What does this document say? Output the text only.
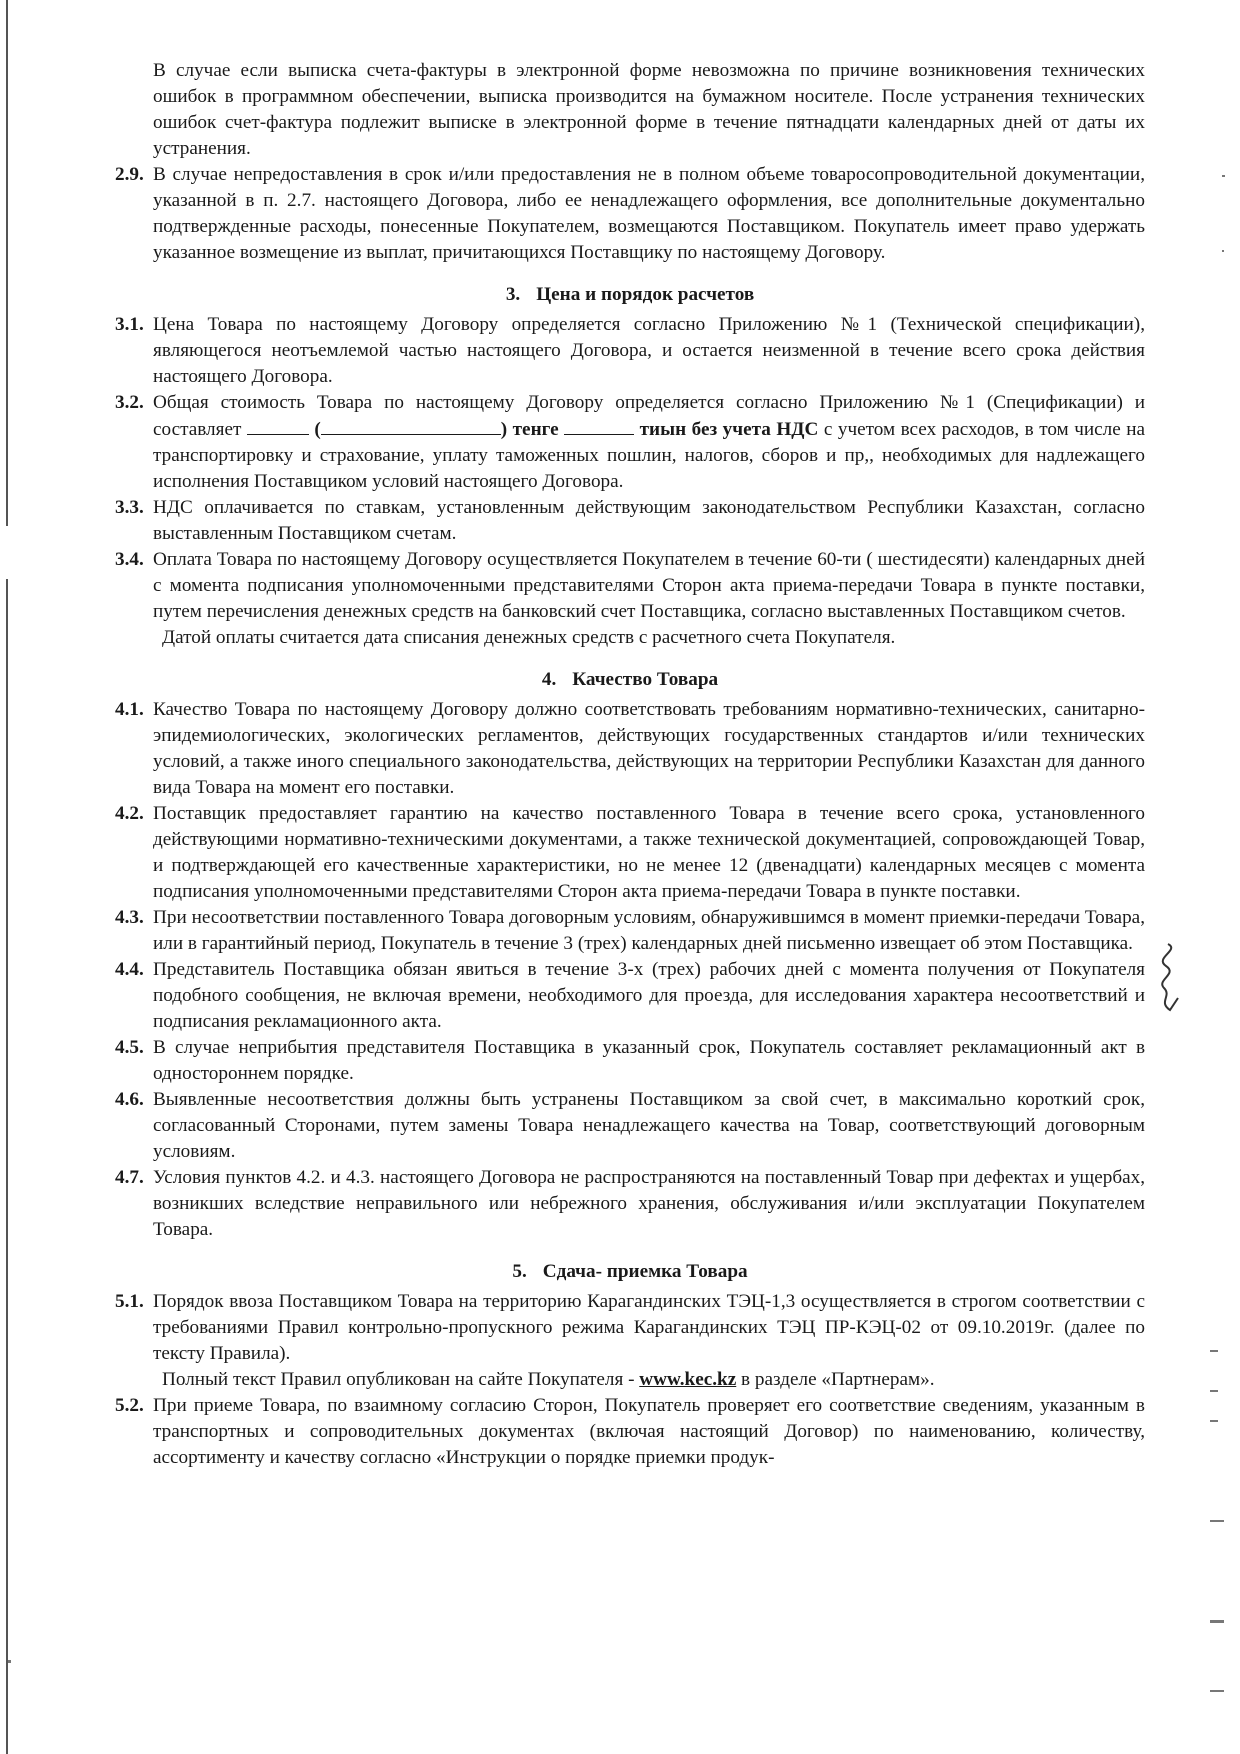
В случае если выписка счета-фактуры в электронной форме невозможна по причине возникновения технических ошибок в программном обеспечении, выписка производится на бумажном носителе. После устранения технических ошибок счет-фактура подлежит выписке в электронной форме в течение пятнадцати календарных дней от даты их устранения.

2.9. В случае непредоставления в срок и/или предоставления не в полном объеме товаросопроводительной документации, указанной в п. 2.7. настоящего Договора, либо ее ненадлежащего оформления, все дополнительные документально подтвержденные расходы, понесенные Покупателем, возмещаются Поставщиком. Покупатель имеет право удержать указанное возмещение из выплат, причитающихся Поставщику по настоящему Договору.
3. Цена и порядок расчетов
3.1. Цена Товара по настоящему Договору определяется согласно Приложению №1 (Технической спецификации), являющегося неотъемлемой частью настоящего Договора, и остается неизменной в течение всего срока действия настоящего Договора.
3.2. Общая стоимость Товара по настоящему Договору определяется согласно Приложению №1 (Спецификации) и составляет	(	) тенге	тиын без учета НДС с учетом всех расходов, в том числе на транспортировку и страхование, уплату таможенных пошлин, налогов, сборов и пр,, необходимых для надлежащего исполнения Поставщиком условий настоящего Договора.
3.3. НДС оплачивается по ставкам, установленным действующим законодательством Республики Казахстан, согласно выставленным Поставщиком счетам.
3.4. Оплата Товара по настоящему Договору осуществляется Покупателем в течение 60-ти ( шестидесяти) календарных дней с момента подписания уполномоченными представителями Сторон акта приема-передачи Товара в пункте поставки, путем перечисления денежных средств на банковский счет Поставщика, согласно выставленных Поставщиком счетов.

Датой оплаты считается дата списания денежных средств с расчетного счета Покупателя.

4. Качество Товара
4.1. Качество Товара по настоящему Договору должно соответствовать требованиям нормативно-технических, санитарно-эпидемиологических, экологических регламентов, действующих государственных стандартов и/или технических условий, а также иного специального законодательства, действующих на территории Республики Казахстан для данного вида Товара на момент его поставки.
4.2. Поставщик предоставляет гарантию на качество поставленного Товара в течение всего срока, установленного действующими нормативно-техническими документами, а также технической документацией, сопровождающей Товар, и подтверждающей его качественные характеристики, но не менее 12 (двенадцати) календарных месяцев с момента подписания уполномоченными представителями Сторон акта приема-передачи Товара в пункте поставки.
4.3. При несоответствии поставленного Товара договорным условиям, обнаружившимся в момент приемки-передачи Товара, или в гарантийный период, Покупатель в течение 3 (трех) календарных дней письменно извещает об этом Поставщика.
4.4. Представитель Поставщика обязан явиться в течение 3-х (трех) рабочих дней с момента получения от Покупателя подобного сообщения, не включая времени, необходимого для проезда, для исследования характера несоответствий и подписания рекламационного акта.
4.5. В случае неприбытия представителя Поставщика в указанный срок, Покупатель составляет рекламационный акт в одностороннем порядке.
4.6. Выявленные несоответствия должны быть устранены Поставщиком за свой счет, в максимально короткий срок, согласованный Сторонами, путем замены Товара ненадлежащего качества на Товар, соответствующий договорным условиям.
4.7. Условия пунктов 4.2. и 4.3. настоящего Договора не распространяются на поставленный Товар при дефектах и ущербах, возникших вследствие неправильного или небрежного хранения, обслуживания и/или эксплуатации Покупателем Товара.
5. Сдача- приемка Товара
5.1. Порядок ввоза Поставщиком Товара на территорию Карагандинских ТЭЦ-1,3 осуществляется в строгом соответствии с требованиями Правил контрольно-пропускного режима Карагандинских ТЭЦ ПР-КЭЦ-02 от 09.10.2019г. (далее по тексту Правила).

Полный текст Правил опубликован на сайте Покупателя - www.kec.kz в разделе «Партнерам».

5.2. При приеме Товара, по взаимному согласию Сторон, Покупатель проверяет его соответствие сведениям, указанным в транспортных и сопроводительных документах (включая настоящий Договор) по наименованию, количеству, ассортименту и качеству согласно «Инструкции о порядке приемки продук-
